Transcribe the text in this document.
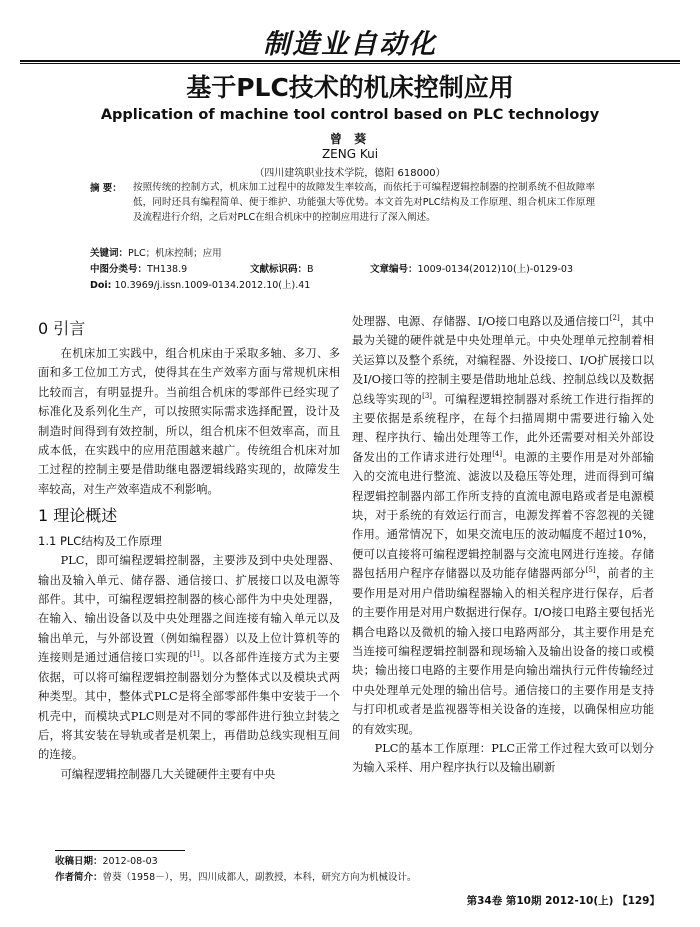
制造业自动化
基于PLC技术的机床控制应用
Application of machine tool control based on PLC technology
曾 葵
ZENG Kui
（四川建筑职业技术学院，德阳 618000）
摘 要： 按照传统的控制方式，机床加工过程中的故障发生率较高，而依托于可编程逻辑控制器的控制系统不但故障率低，同时还具有编程简单、便于维护、功能强大等优势。本文首先对PLC结构及工作原理、组合机床工作原理及流程进行介绍，之后对PLC在组合机床中的控制应用进行了深入阐述。
关键词：PLC；机床控制；应用
中图分类号：TH138.9	文献标识码：B	文章编号：1009-0134(2012)10(上)-0129-03
Doi: 10.3969/j.issn.1009-0134.2012.10(上).41
0 引言

在机床加工实践中，组合机床由于采取多轴、多刀、多面和多工位加工方式，使得其在生产效率方面与常规机床相比较而言，有明显提升。当前组合机床的零部件已经实现了标准化及系列化生产，可以按照实际需求选择配置，设计及制造时间得到有效控制，所以，组合机床不但效率高，而且成本低，在实践中的应用范围越来越广。传统组合机床对加工过程的控制主要是借助继电器逻辑线路实现的，故障发生率较高，对生产效率造成不利影响。

1 理论概述
1.1 PLC结构及工作原理

PLC，即可编程逻辑控制器，主要涉及到中央处理器、输出及输入单元、储存器、通信接口、扩展接口以及电源等部件。其中，可编程逻辑控制器的核心部件为中央处理器，在输入、输出设备以及中央处理器之间连接有输入单元以及输出单元，与外部设置（例如编程器）以及上位计算机等的连接则是通过通信接口实现的[1]。以各部件连接方式为主要依据，可以将可编程逻辑控制器划分为整体式以及模块式两种类型。其中，整体式PLC是将全部零部件集中安装于一个机壳中，而模块式PLC则是对不同的零部件进行独立封装之后，将其安装在导轨或者是机架上，再借助总线实现相互间的连接。

可编程逻辑控制器几大关键硬件主要有中央

处理器、电源、存储器、I/O接口电路以及通信接口[2]，其中最为关键的硬件就是中央处理单元。中央处理单元控制着相关运算以及整个系统，对编程器、外设接口、I/O扩展接口以及I/O接口等的控制主要是借助地址总线、控制总线以及数据总线等实现的[3]。可编程逻辑控制器对系统工作进行指挥的主要依据是系统程序，在每个扫描周期中需要进行输入处理、程序执行、输出处理等工作，此外还需要对相关外部设备发出的工作请求进行处理[4]。电源的主要作用是对外部输入的交流电进行整流、滤波以及稳压等处理，进而得到可编程逻辑控制器内部工作所支持的直流电源电路或者是电源模块，对于系统的有效运行而言，电源发挥着不容忽视的关键作用。通常情况下，如果交流电压的波动幅度不超过10%，便可以直接将可编程逻辑控制器与交流电网进行连接。存储器包括用户程序存储器以及功能存储器两部分[5]，前者的主要作用是对用户借助编程器输入的相关程序进行保存，后者的主要作用是对用户数据进行保存。I/O接口电路主要包括光耦合电路以及微机的输入接口电路两部分，其主要作用是充当连接可编程逻辑控制器和现场输入及输出设备的接口或模块；输出接口电路的主要作用是向输出端执行元件传输经过中央处理单元处理的输出信号。通信接口的主要作用是支持与打印机或者是监视器等相关设备的连接，以确保相应功能的有效实现。

PLC的基本工作原理：PLC正常工作过程大致可以划分为输入采样、用户程序执行以及输出刷新

收稿日期：2012-08-03
作者简介：曾葵（1958－），男，四川成都人，副教授，本科，研究方向为机械设计。
第34卷 第10期 2012-10(上) 【129】
